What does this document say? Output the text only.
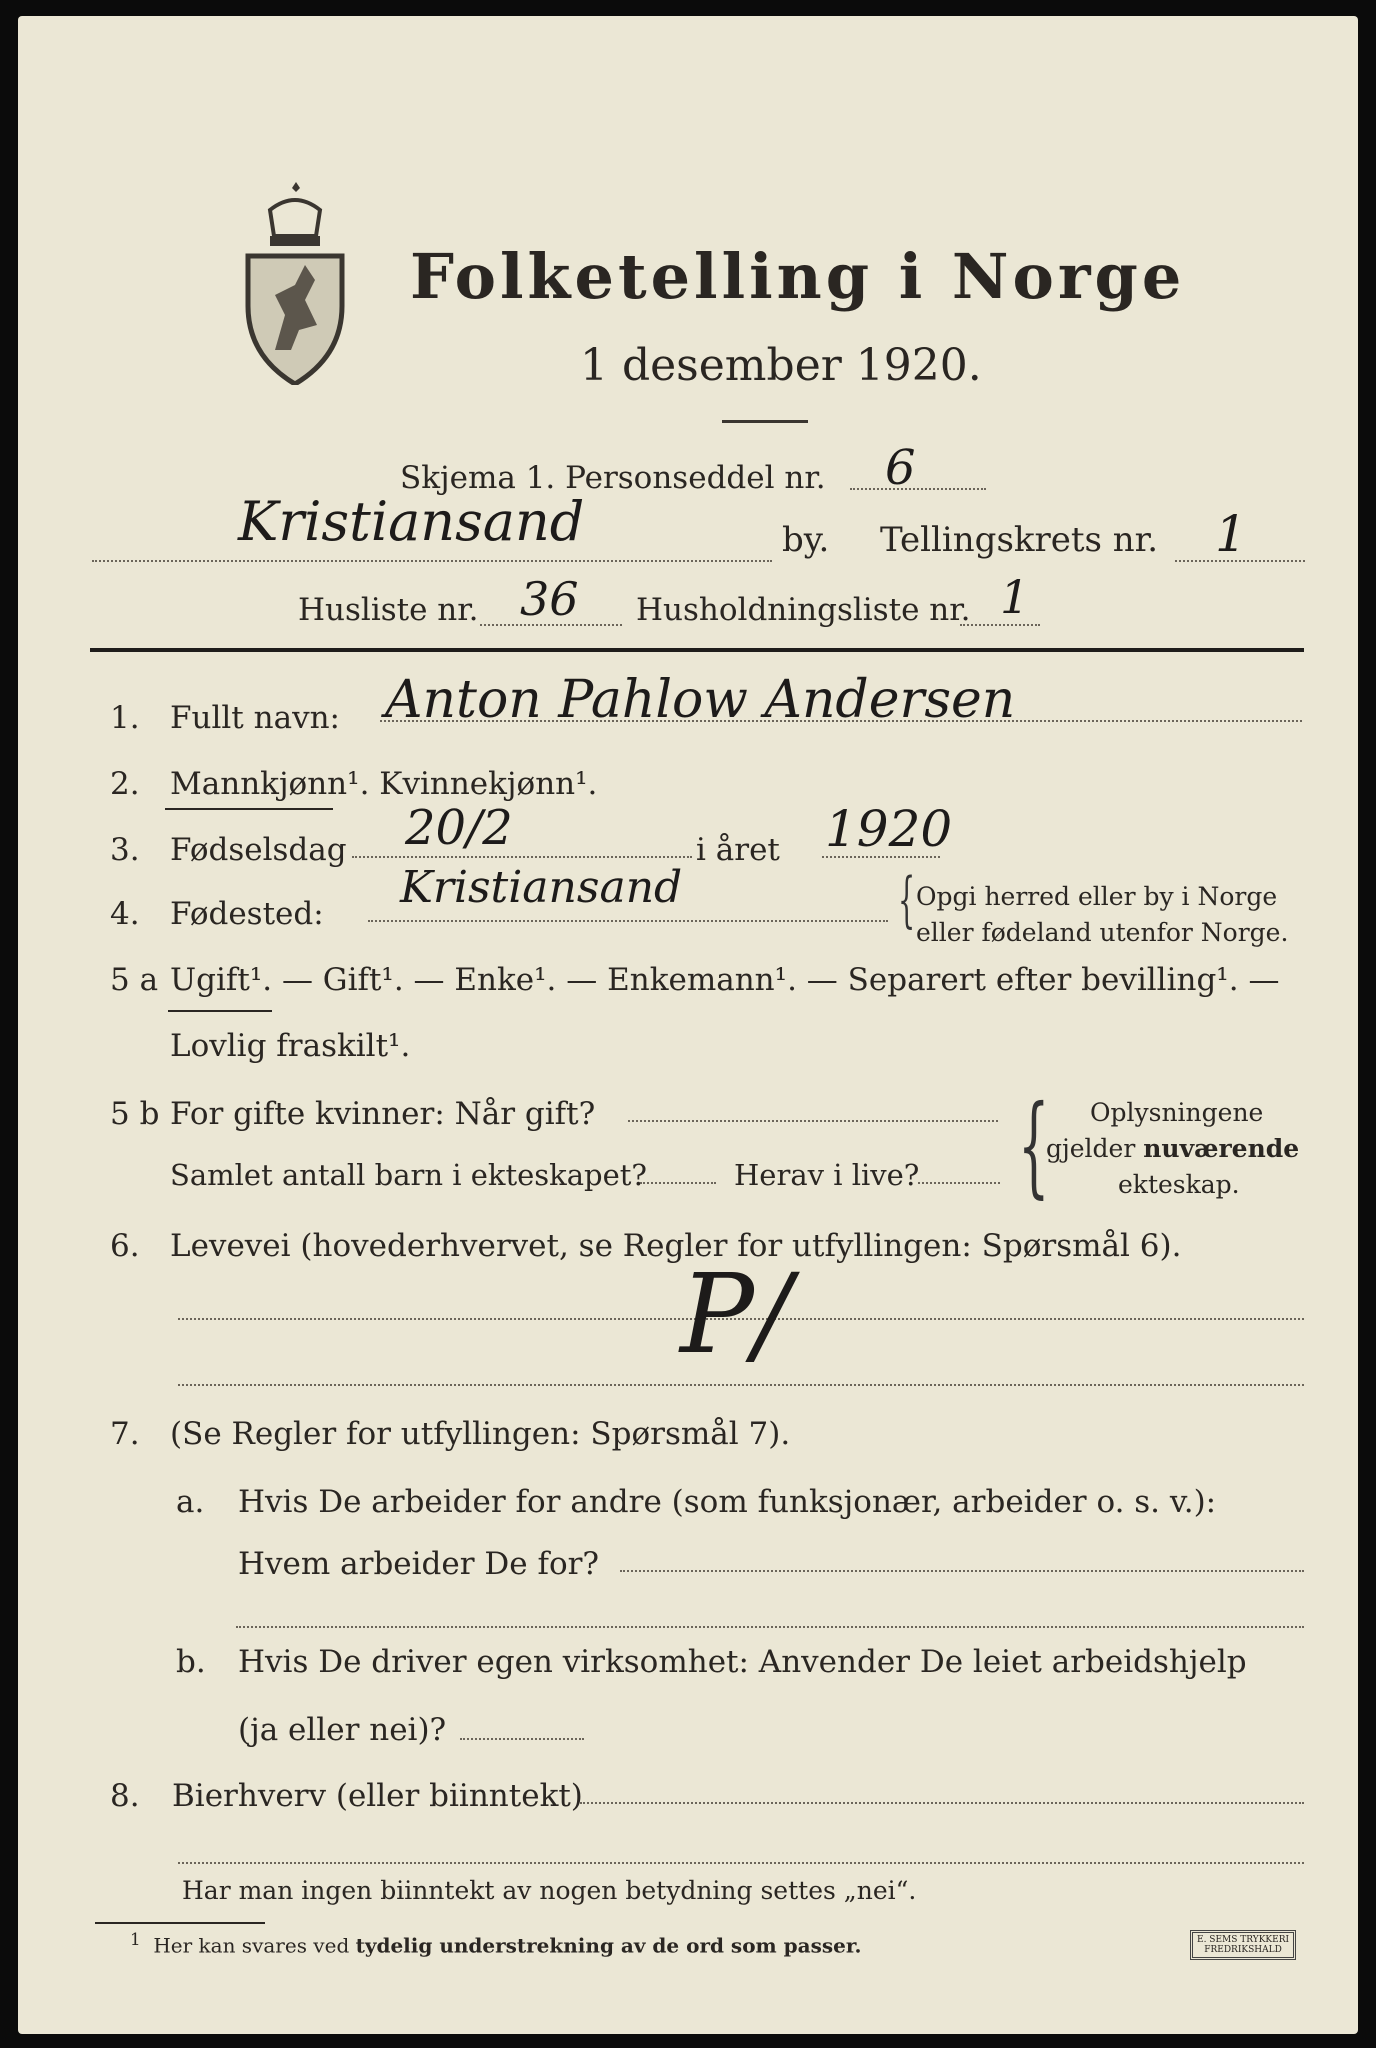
Folketelling i Norge
1 desember 1920.
Skjema 1. Personseddel nr. 6
Kristiansand	by. Tellingskrets nr. 1
Husliste nr. 36 Husholdningsliste nr. 1
1. Fullt navn: Anton Pahlow Andersen
2. Mannkjønn¹. Kvinnekjønn¹.
3. Fødselsdag 20/2	i året 1920
4. Fødested:
Kristiansand	{ Opgi herred eller by i Norge
eller fødeland utenfor Norge.
5 a Ugift¹. — Gift¹. — Enke¹. — Enkemann¹. — Separert efter bevilling¹. —
Lovlig fraskilt¹.
5 b For gifte kvinner: Når gift?
Samlet antall barn i ekteskapet?	Herav i live? { Oplysningene
gjelder nuværende
ekteskap.
6. Levevei (hovederhvervet, se Regler for utfyllingen: Spørsmål 6).
P/
7. (Se Regler for utfyllingen: Spørsmål 7).
a. Hvis De arbeider for andre (som funksjonær, arbeider o. s. v.):
Hvem arbeider De for?
b. Hvis De driver egen virksomhet: Anvender De leiet arbeidshjelp
(ja eller nei)?
8. Bierhverv (eller biinntekt)
Har man ingen biinntekt av nogen betydning settes „nei“.
$^1$ Her kan svares ved tydelig understrekning av de ord som passer.	E. SEMS TRYKKERI
FREDRIKSHALD
